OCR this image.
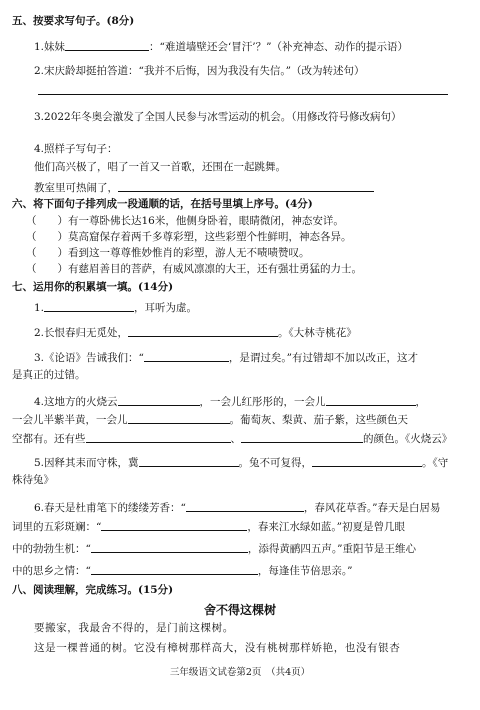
五、按要求写句子。(8分)
1.妹妹	：“难道墙壁还会‘冒汗’？”（补充神态、动作的提示语）
2.宋庆龄却挺拍答道：“我并不后悔，因为我没有失信。”（改为转述句）
3.2022年冬奥会激发了全国人民参与冰雪运动的机会。（用修改符号修改病句）
4.照样子写句子：
他们高兴极了，唱了一首又一首歌，还围在一起跳舞。
教室里可热闹了，
六、将下面句子排列成一段通顺的话，在括号里填上序号。(4分)
（　　）有一尊卧佛长达16米，他侧身卧着，眼睛微闭，神态安详。
（　　）莫高窟保存着两千多尊彩塑，这些彩塑个性鲜明，神态各异。
（　　）看到这一尊尊惟妙惟肖的彩塑，游人无不啧啧赞叹。
（　　）有慈眉善目的菩萨，有威风凛凛的大王，还有强壮勇猛的力士。
七、运用你的积累填一填。(14分)
1.	，耳听为虚。
2.长恨春归无觅处，	。《大林寺桃花》
3.《论语》告诫我们：“	，是谓过矣。”有过错却不加以改正，这才
是真正的过错。
4.这地方的火烧云	，一会儿红彤彤的，一会儿	，
一会儿半紫半黄，一会儿	。葡萄灰、梨黄、茄子紫，这些颜色天
空都有。还有些	、	的颜色。《火烧云》
5.因释其耒而守株，冀	。兔不可复得，	。《守
株待兔》
6.春天是杜甫笔下的缕缕芳香：“	，春风花草香。”春天是白居易
词里的五彩斑斓：“	，春来江水绿如蓝。”初夏是曾几眼
中的勃勃生机：“	，添得黄鹂四五声。”重阳节是王维心
中的思乡之情：“	，每逢佳节倍思亲。”
八、阅读理解，完成练习。(15分)
舍不得这棵树
要搬家，我最舍不得的，是门前这棵树。
这是一棵普通的树。它没有樟树那样高大，没有桃树那样娇艳，也没有银杏
三年级语文试卷第2页　（共4页）
